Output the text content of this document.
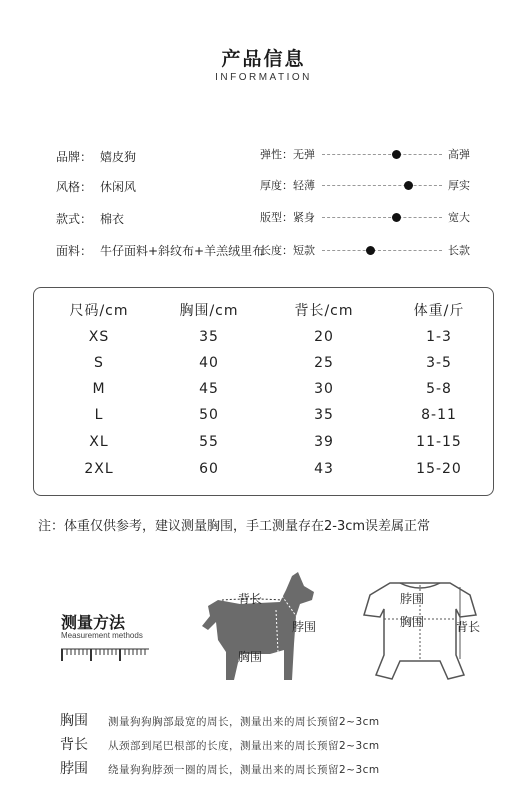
产品信息
INFORMATION
品牌： 嬉皮狗
风格： 休闲风
款式： 棉衣
面料： 牛仔面料+斜纹布+羊羔绒里布
弹性：无弹	高弹
厚度：轻薄	厚实
版型：紧身	宽大
长度：短款	长款
尺码/cm	胸围/cm	背长/cm	体重/斤
XS	35	20	1-3
S	40	25	3-5
M	45	30	5-8
L	50	35	8-11
XL	55	39	11-15
2XL	60	43	15-20
注：体重仅供参考，建议测量胸围，手工测量存在2-3cm误差属正常
测量方法
Measurement methods
背长
脖围
胸围
脖围
胸围	背长
胸围 测量狗狗胸部最宽的周长，测量出来的周长预留2~3cm
背长 从颈部到尾巴根部的长度，测量出来的周长预留2~3cm
脖围 绕量狗狗脖颈一圈的周长，测量出来的周长预留2~3cm
